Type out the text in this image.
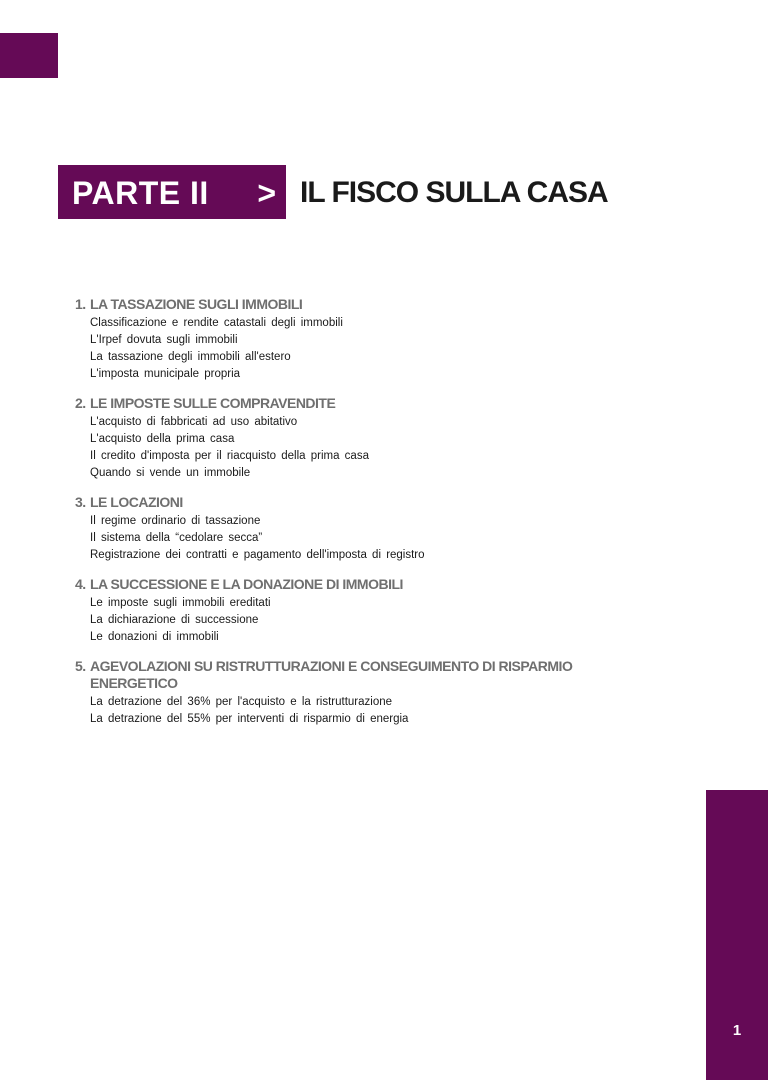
PARTE II > IL FISCO SULLA CASA
1. LA TASSAZIONE SUGLI IMMOBILI
Classificazione e rendite catastali degli immobili
L'Irpef dovuta sugli immobili
La tassazione degli immobili all'estero
L'imposta municipale propria
2. LE IMPOSTE SULLE COMPRAVENDITE
L'acquisto di fabbricati ad uso abitativo
L'acquisto della prima casa
Il credito d'imposta per il riacquisto della prima casa
Quando si vende un immobile
3. LE LOCAZIONI
Il regime ordinario di tassazione
Il sistema della “cedolare secca”
Registrazione dei contratti e pagamento dell'imposta di registro
4. LA SUCCESSIONE E LA DONAZIONE DI IMMOBILI
Le imposte sugli immobili ereditati
La dichiarazione di successione
Le donazioni di immobili
5. AGEVOLAZIONI SU RISTRUTTURAZIONI E CONSEGUIMENTO DI RISPARMIO ENERGETICO
La detrazione del 36% per l'acquisto e la ristrutturazione
La detrazione del 55% per interventi di risparmio di energia
1
